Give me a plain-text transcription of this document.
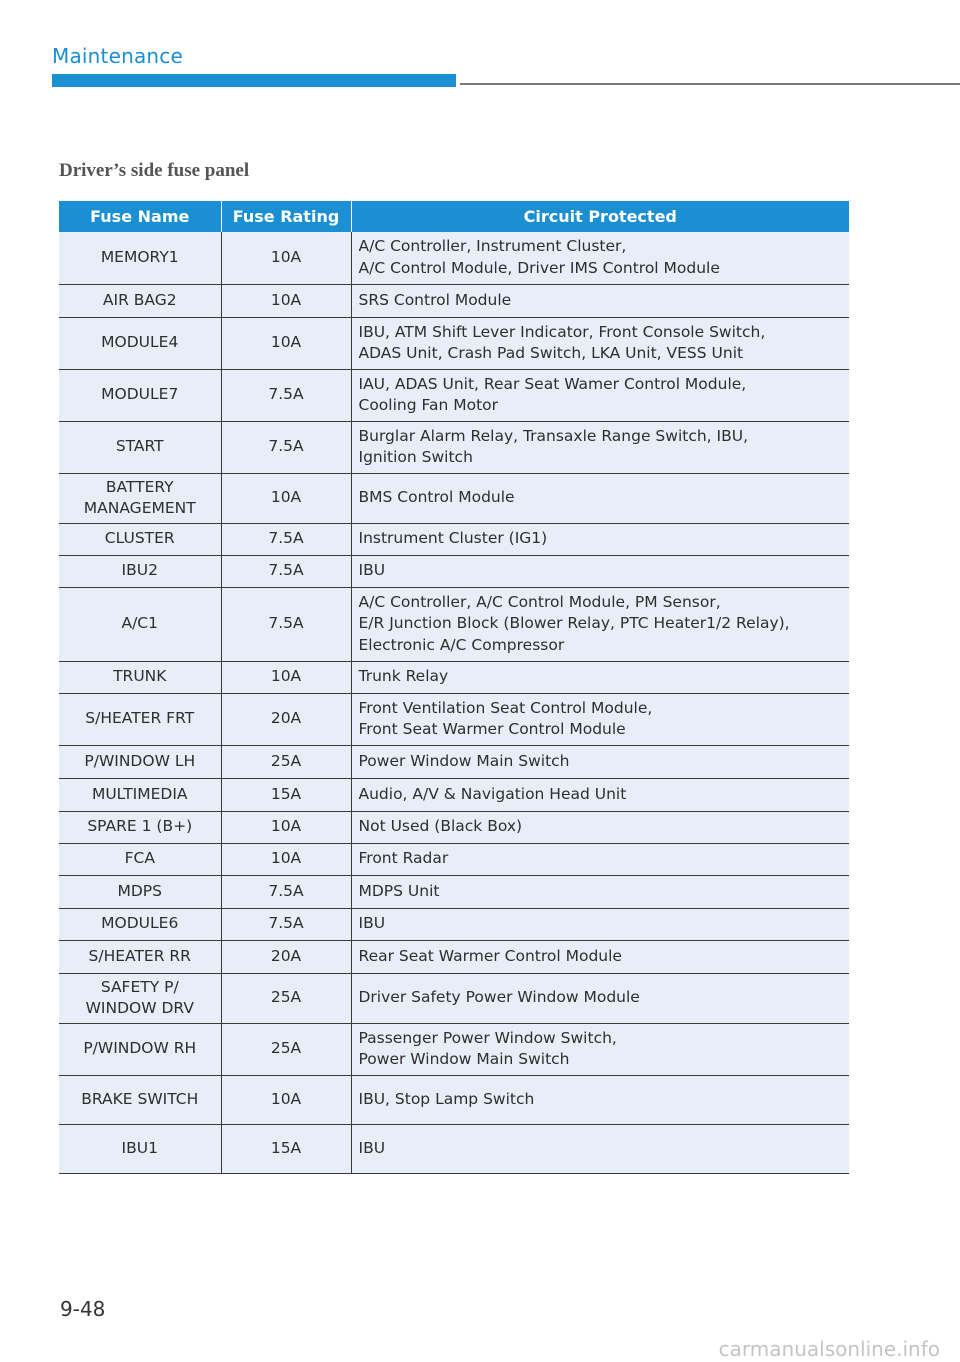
Maintenance
Driver’s side fuse panel
Fuse Name	Fuse Rating	Circuit Protected
MEMORY1	10A	A/C Controller, Instrument Cluster,
A/C Control Module, Driver IMS Control Module
AIR BAG2	10A	SRS Control Module
MODULE4	10A	IBU, ATM Shift Lever Indicator, Front Console Switch,
ADAS Unit, Crash Pad Switch, LKA Unit, VESS Unit
MODULE7	7.5A	IAU, ADAS Unit, Rear Seat Wamer Control Module,
Cooling Fan Motor
START	7.5A	Burglar Alarm Relay, Transaxle Range Switch, IBU,
Ignition Switch
BATTERY
MANAGEMENT	10A	BMS Control Module
CLUSTER	7.5A	Instrument Cluster (IG1)
IBU2	7.5A	IBU
A/C1	7.5A	A/C Controller, A/C Control Module, PM Sensor,
E/R Junction Block (Blower Relay, PTC Heater1/2 Relay),
Electronic A/C Compressor
TRUNK	10A	Trunk Relay
S/HEATER FRT	20A	Front Ventilation Seat Control Module,
Front Seat Warmer Control Module
P/WINDOW LH	25A	Power Window Main Switch
MULTIMEDIA	15A	Audio, A/V & Navigation Head Unit
SPARE 1 (B+)	10A	Not Used (Black Box)
FCA	10A	Front Radar
MDPS	7.5A	MDPS Unit
MODULE6	7.5A	IBU
S/HEATER RR	20A	Rear Seat Warmer Control Module
SAFETY P/
WINDOW DRV	25A	Driver Safety Power Window Module
P/WINDOW RH	25A	Passenger Power Window Switch,
Power Window Main Switch
BRAKE SWITCH	10A	IBU, Stop Lamp Switch
IBU1	15A	IBU
9-48
carmanualsonline.info
